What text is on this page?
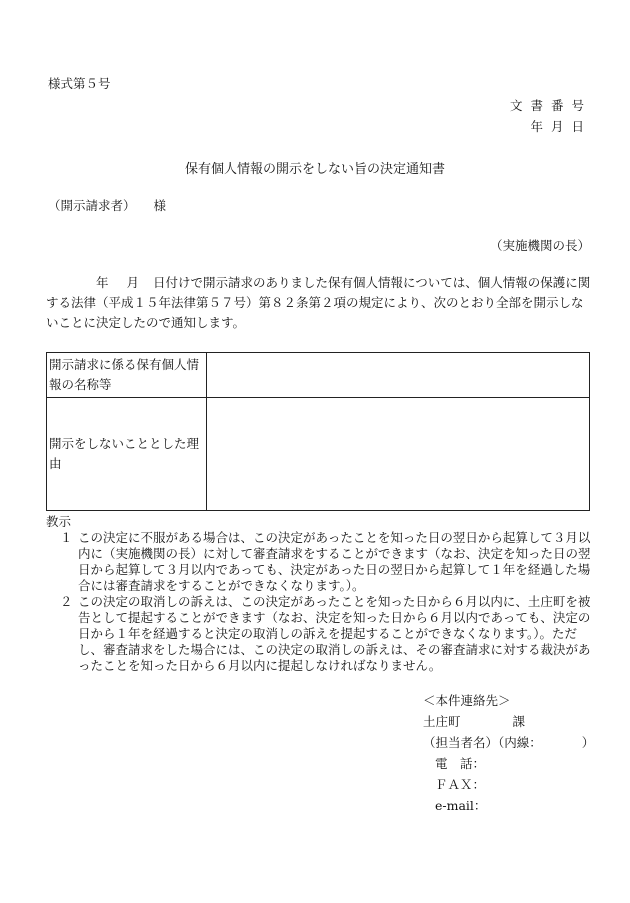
様式第５号
文書番号
年月日
保有個人情報の開示をしない旨の決定通知書
（開示請求者） 様
（実施機関の長）
年 月 日付けで開示請求のありました保有個人情報については、個人情報の保護に関する法律（平成１５年法律第５７号）第８２条第２項の規定により、次のとおり全部を開示しないことに決定したので通知します。
開示請求に係る保有個人情報の名称等	
開示をしないこととした理由	
教示
１ この決定に不服がある場合は、この決定があったことを知った日の翌日から起算して３月以内に（実施機関の長）に対して審査請求をすることができます（なお、決定を知った日の翌日から起算して３月以内であっても、決定があった日の翌日から起算して１年を経過した場合には審査請求をすることができなくなります。）。
２ この決定の取消しの訴えは、この決定があったことを知った日から６月以内に、土庄町を被告として提起することができます（なお、決定を知った日から６月以内であっても、決定の日から１年を経過すると決定の取消しの訴えを提起することができなくなります。）。ただし、審査請求をした場合には、この決定の取消しの訴えは、その審査請求に対する裁決があったことを知った日から６月以内に提起しなければなりません。
＜本件連絡先＞
土庄町	課
（担当者名）（内線：	）
電　話：
ＦＡＸ：
e-mail：
